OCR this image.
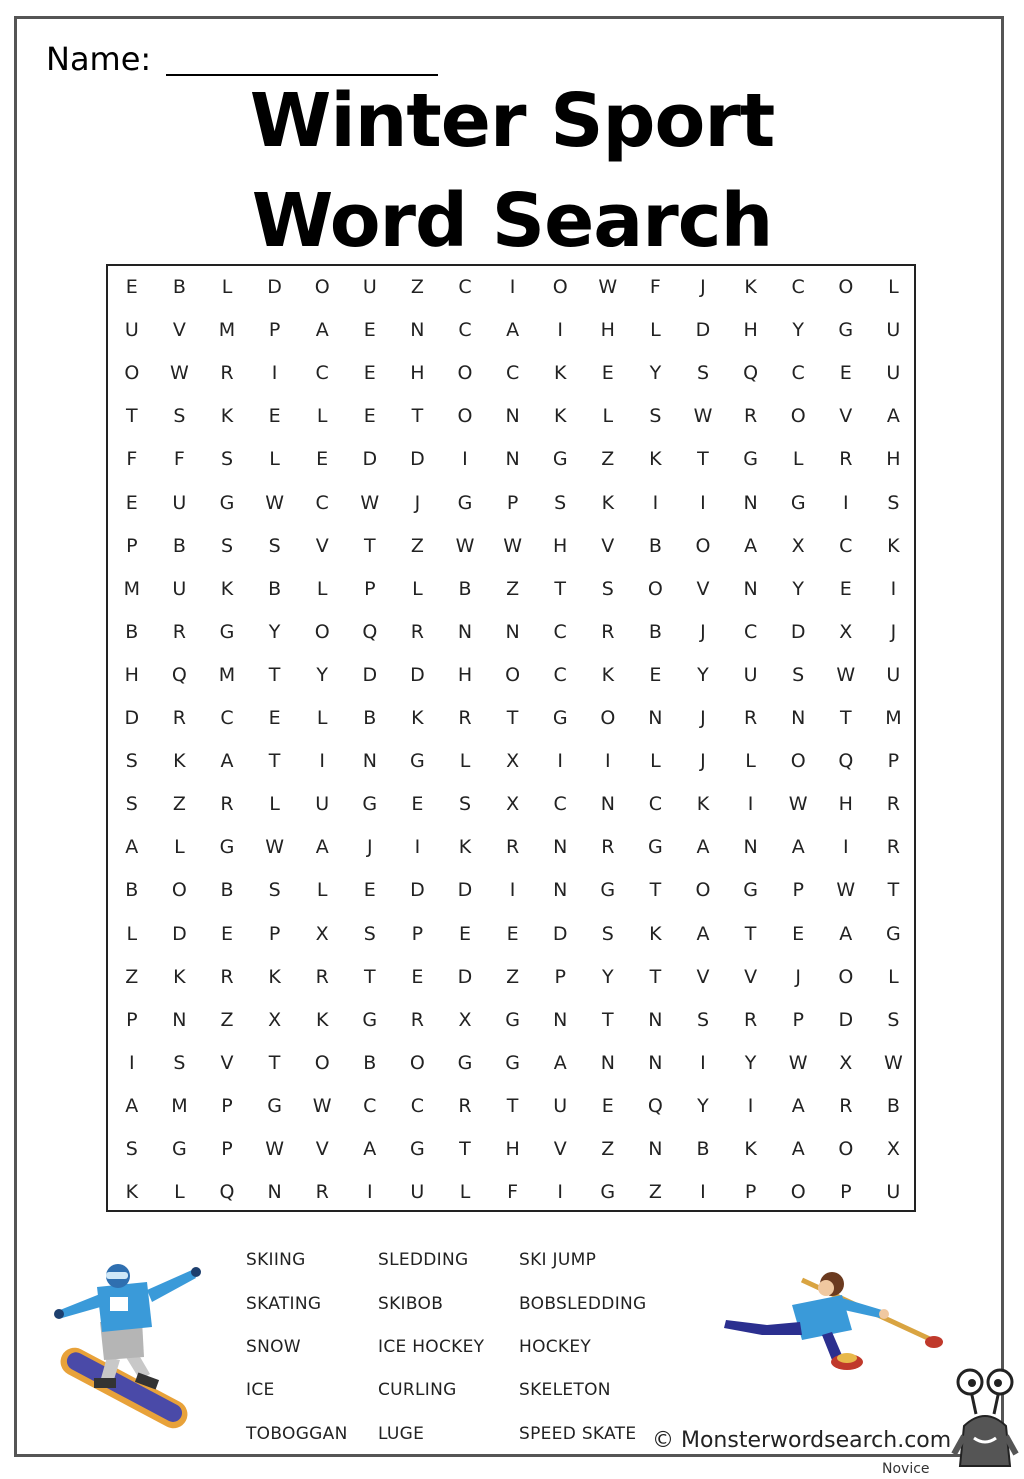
Name:
Winter Sport
Word Search
E	B	L	D	O	U	Z	C	I	O	W	F	J	K	C	O	L
U	V	M	P	A	E	N	C	A	I	H	L	D	H	Y	G	U
O	W	R	I	C	E	H	O	C	K	E	Y	S	Q	C	E	U
T	S	K	E	L	E	T	O	N	K	L	S	W	R	O	V	A
F	F	S	L	E	D	D	I	N	G	Z	K	T	G	L	R	H
E	U	G	W	C	W	J	G	P	S	K	I	I	N	G	I	S
P	B	S	S	V	T	Z	W	W	H	V	B	O	A	X	C	K
M	U	K	B	L	P	L	B	Z	T	S	O	V	N	Y	E	I
B	R	G	Y	O	Q	R	N	N	C	R	B	J	C	D	X	J
H	Q	M	T	Y	D	D	H	O	C	K	E	Y	U	S	W	U
D	R	C	E	L	B	K	R	T	G	O	N	J	R	N	T	M
S	K	A	T	I	N	G	L	X	I	I	L	J	L	O	Q	P
S	Z	R	L	U	G	E	S	X	C	N	C	K	I	W	H	R
A	L	G	W	A	J	I	K	R	N	R	G	A	N	A	I	R
B	O	B	S	L	E	D	D	I	N	G	T	O	G	P	W	T
L	D	E	P	X	S	P	E	E	D	S	K	A	T	E	A	G
Z	K	R	K	R	T	E	D	Z	P	Y	T	V	V	J	O	L
P	N	Z	X	K	G	R	X	G	N	T	N	S	R	P	D	S
I	S	V	T	O	B	O	G	G	A	N	N	I	Y	W	X	W
A	M	P	G	W	C	C	R	T	U	E	Q	Y	I	A	R	B
S	G	P	W	V	A	G	T	H	V	Z	N	B	K	A	O	X
K	L	Q	N	R	I	U	L	F	I	G	Z	I	P	O	P	U
SKIING
SKATING
SNOW
ICE
TOBOGGAN
SLEDDING
SKIBOB
ICE HOCKEY
CURLING
LUGE
SKI JUMP
BOBSLEDDING
HOCKEY
SKELETON
SPEED SKATE © Monsterwordsearch.com
Novice
